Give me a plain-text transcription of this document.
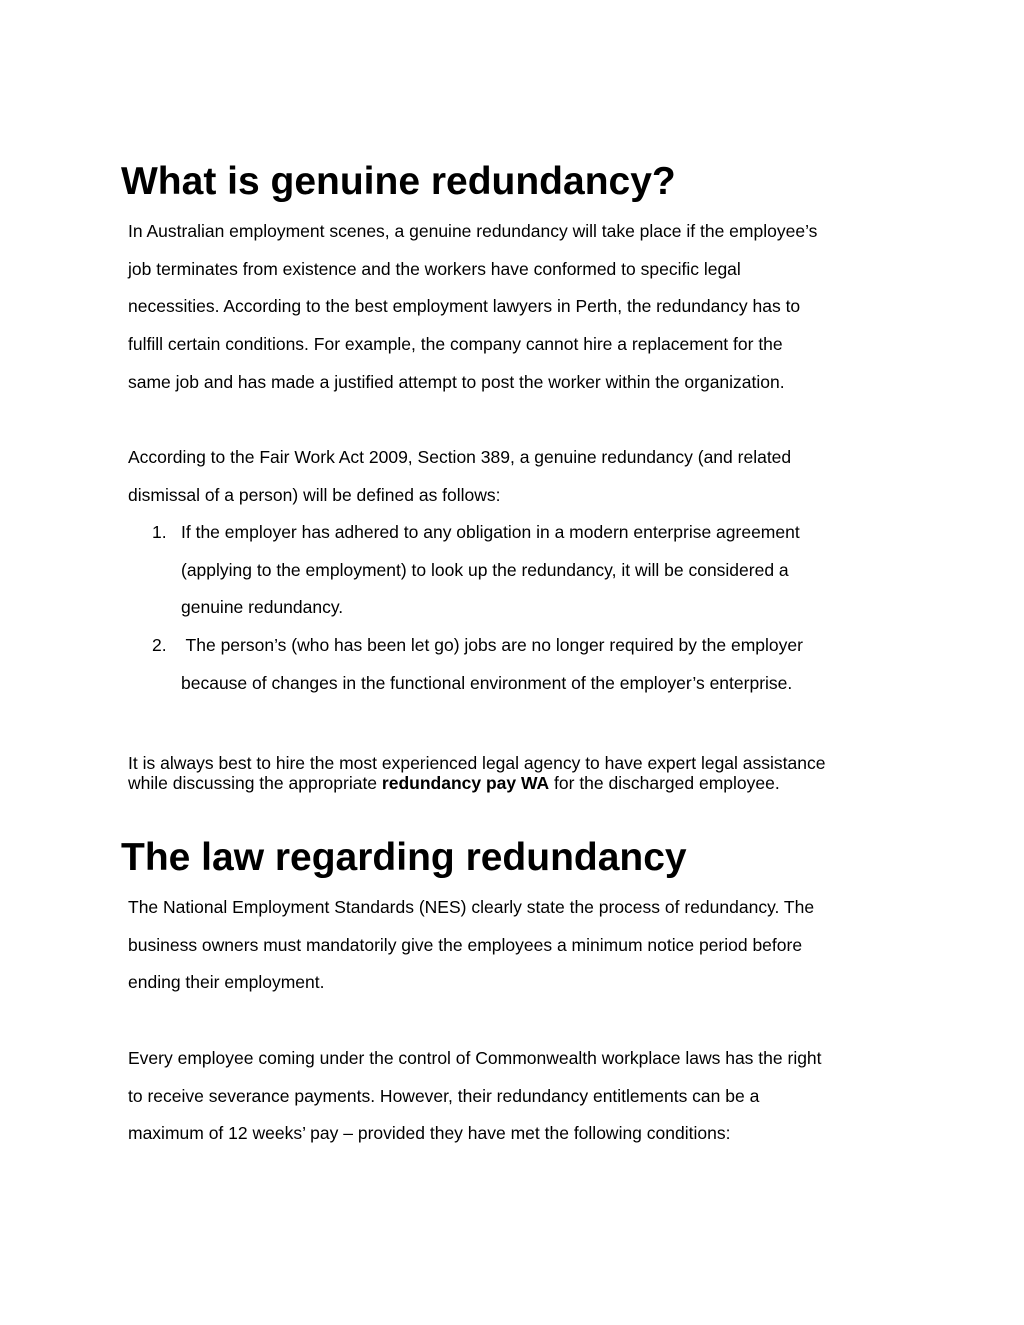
What is genuine redundancy?

In Australian employment scenes, a genuine redundancy will take place if the employee’s
job terminates from existence and the workers have conformed to specific legal
necessities. According to the best employment lawyers in Perth, the redundancy has to
fulfill certain conditions. For example, the company cannot hire a replacement for the
same job and has made a justified attempt to post the worker within the organization.

According to the Fair Work Act 2009, Section 389, a genuine redundancy (and related
dismissal of a person) will be defined as follows:

1. If the employer has adhered to any obligation in a modern enterprise agreement
(applying to the employment) to look up the redundancy, it will be considered a
genuine redundancy.
2. The person’s (who has been let go) jobs are no longer required by the employer
because of changes in the functional environment of the employer’s enterprise.

It is always best to hire the most experienced legal agency to have expert legal assistance
while discussing the appropriate redundancy pay WA for the discharged employee.

The law regarding redundancy

The National Employment Standards (NES) clearly state the process of redundancy. The
business owners must mandatorily give the employees a minimum notice period before
ending their employment.

Every employee coming under the control of Commonwealth workplace laws has the right
to receive severance payments. However, their redundancy entitlements can be a
maximum of 12 weeks’ pay – provided they have met the following conditions:
